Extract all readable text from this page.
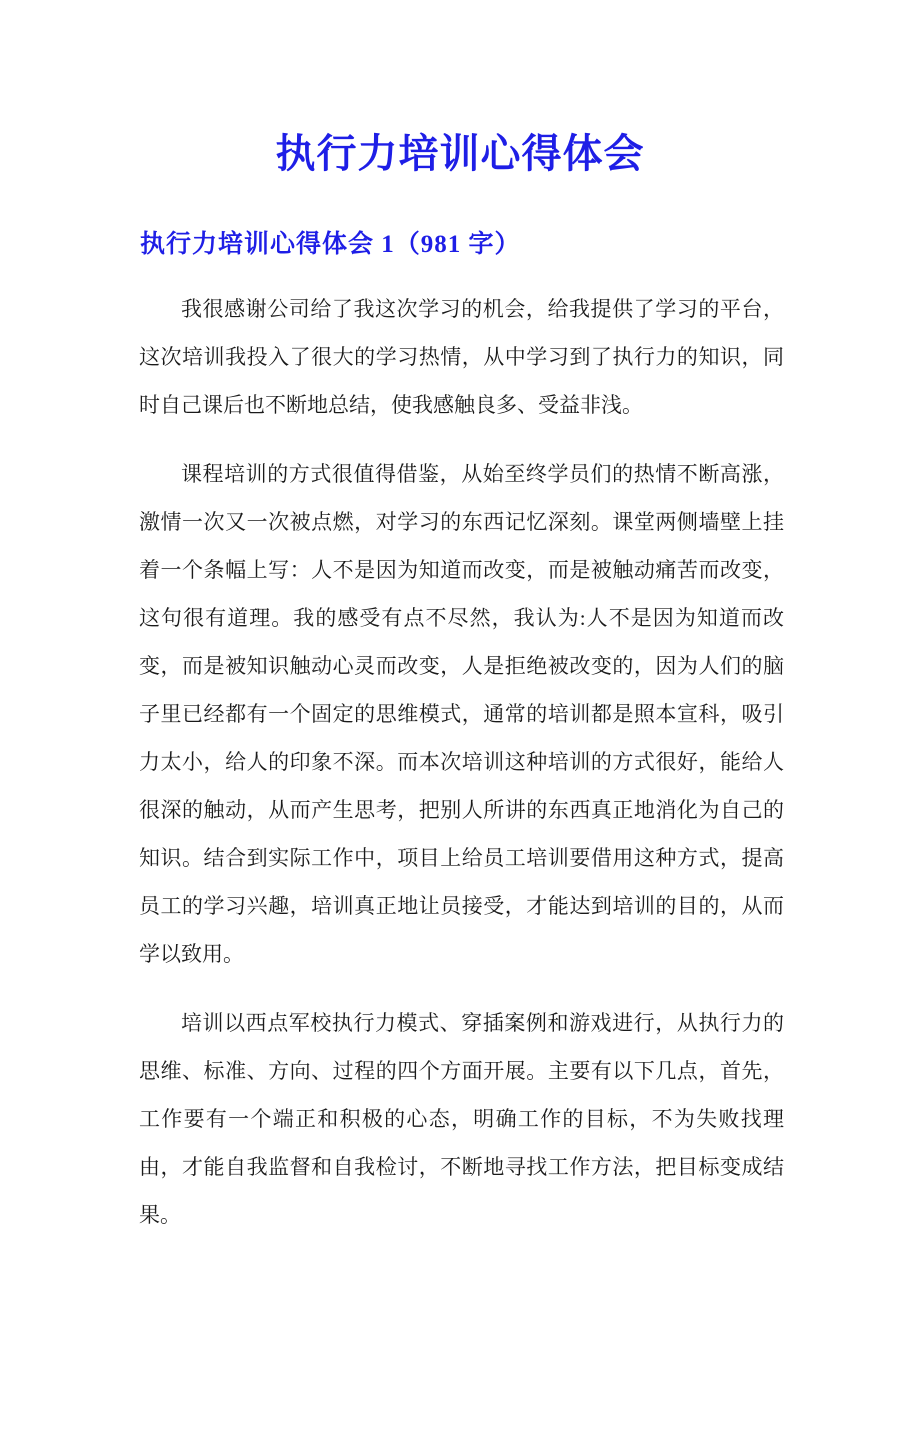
执行力培训心得体会
执行力培训心得体会 1（981 字）

我很感谢公司给了我这次学习的机会，给我提供了学习的平台，这次培训我投入了很大的学习热情，从中学习到了执行力的知识，同时自己课后也不断地总结，使我感触良多、受益非浅。

课程培训的方式很值得借鉴，从始至终学员们的热情不断高涨，激情一次又一次被点燃，对学习的东西记忆深刻。课堂两侧墙壁上挂着一个条幅上写：人不是因为知道而改变，而是被触动痛苦而改变，这句很有道理。我的感受有点不尽然，我认为:人不是因为知道而改变，而是被知识触动心灵而改变，人是拒绝被改变的，因为人们的脑子里已经都有一个固定的思维模式，通常的培训都是照本宣科，吸引力太小，给人的印象不深。而本次培训这种培训的方式很好，能给人很深的触动，从而产生思考，把别人所讲的东西真正地消化为自己的知识。结合到实际工作中，项目上给员工培训要借用这种方式，提高员工的学习兴趣，培训真正地让员接受，才能达到培训的目的，从而学以致用。

培训以西点军校执行力模式、穿插案例和游戏进行，从执行力的思维、标准、方向、过程的四个方面开展。主要有以下几点，首先，工作要有一个端正和积极的心态，明确工作的目标，不为失败找理由，才能自我监督和自我检讨，不断地寻找工作方法，把目标变成结果。
